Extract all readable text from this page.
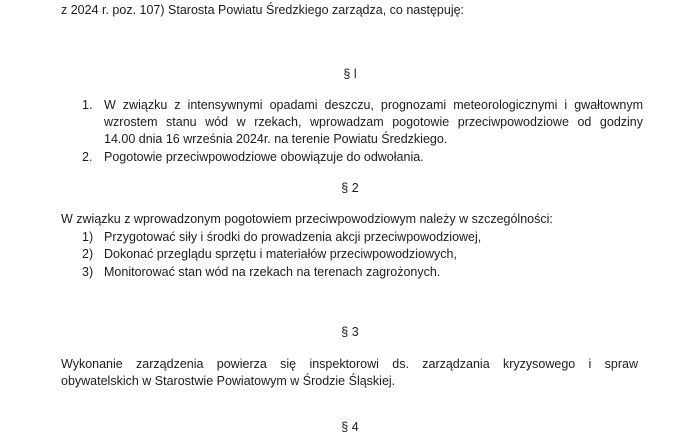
z 2024 r. poz. 107) Starosta Powiatu Średzkiego zarządza, co następuję:
§ l
1. W związku z intensywnymi opadami deszczu, prognozami meteorologicznymi i gwałtownym
wzrostem stanu wód w rzekach, wprowadzam pogotowie przeciwpowodziowe od godziny
14.00 dnia 16 września 2024r. na terenie Powiatu Średzkiego.
2. Pogotowie przeciwpowodziowe obowiązuje do odwołania.
§ 2
W związku z wprowadzonym pogotowiem przeciwpowodziowym należy w szczególności:
1) Przygotować siły i środki do prowadzenia akcji przeciwpowodziowej,
2) Dokonać przeglądu sprzętu i materiałów przeciwpowodziowych,
3) Monitorować stan wód na rzekach na terenach zagrożonych.
§ 3
Wykonanie zarządzenia powierza się inspektorowi ds. zarządzania kryzysowego i spraw
obywatelskich w Starostwie Powiatowym w Środzie Śląskiej.
§ 4
